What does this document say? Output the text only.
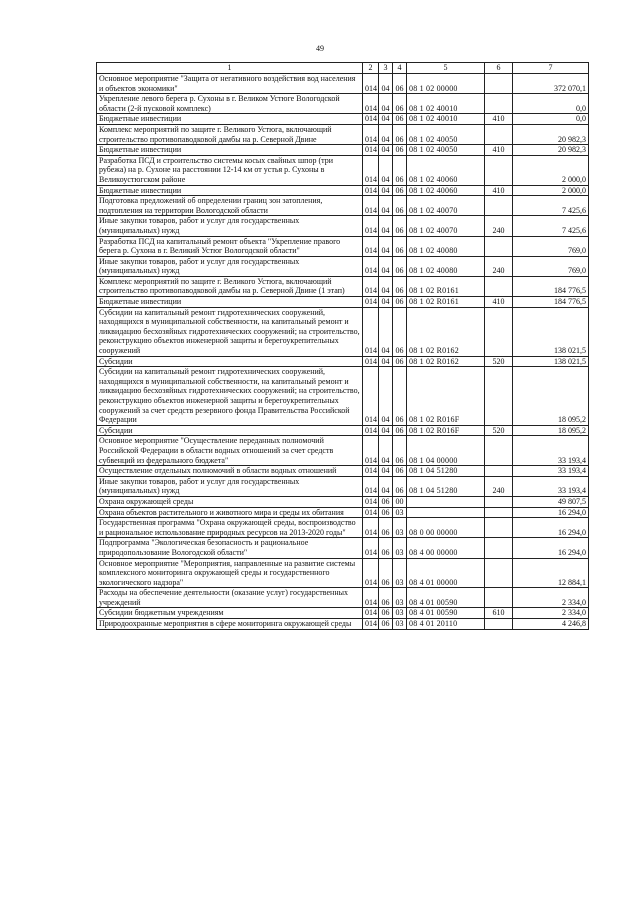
49
1	2	3	4	5	6	7
Основное мероприятие "Защита от негативного воздействия вод населения и объектов экономики"	014	04	06	08 1 02 00000		372 070,1
Укрепление левого берега р. Сухоны в г. Великом Устюге Вологодской области (2-й пусковой комплекс)	014	04	06	08 1 02 40010		0,0
Бюджетные инвестиции	014	04	06	08 1 02 40010	410	0,0
Комплекс мероприятий по защите г. Великого Устюга, включающий строительство противопаводковой дамбы на р. Северной Двине	014	04	06	08 1 02 40050		20 982,3
Бюджетные инвестиции	014	04	06	08 1 02 40050	410	20 982,3
Разработка ПСД и строительство системы косых свайных шпор (три рубежа) на р. Сухоне на расстоянии 12-14 км от устья р. Сухоны в Великоустюгском районе	014	04	06	08 1 02 40060		2 000,0
Бюджетные инвестиции	014	04	06	08 1 02 40060	410	2 000,0
Подготовка предложений об определении границ зон затопления, подтопления на территории Вологодской области	014	04	06	08 1 02 40070		7 425,6
Иные закупки товаров, работ и услуг для государственных (муниципальных) нужд	014	04	06	08 1 02 40070	240	7 425,6
Разработка ПСД на капитальный ремонт объекта "Укрепление правого берега р. Сухона в г. Великий Устюг Вологодской области"	014	04	06	08 1 02 40080		769,0
Иные закупки товаров, работ и услуг для государственных (муниципальных) нужд	014	04	06	08 1 02 40080	240	769,0
Комплекс мероприятий по защите г. Великого Устюга, включающий строительство противопаводковой дамбы на р. Северной Двине (1 этап)	014	04	06	08 1 02 R0161		184 776,5
Бюджетные инвестиции	014	04	06	08 1 02 R0161	410	184 776,5
Субсидии на капитальный ремонт гидротехнических сооружений, находящихся в муниципальной собственности, на капитальный ремонт и ликвидацию бесхозяйных гидротехнических сооружений; на строительство, реконструкцию объектов инженерной защиты и берегоукрепительных сооружений	014	04	06	08 1 02 R0162		138 021,5
Субсидии	014	04	06	08 1 02 R0162	520	138 021,5
Субсидии на капитальный ремонт гидротехнических сооружений, находящихся в муниципальной собственности, на капитальный ремонт и ликвидацию бесхозяйных гидротехнических сооружений; на строительство, реконструкцию объектов инженерной защиты и берегоукрепительных сооружений за счет средств резервного фонда Правительства Российской Федерации	014	04	06	08 1 02 R016F		18 095,2
Субсидии	014	04	06	08 1 02 R016F	520	18 095,2
Основное мероприятие "Осуществление переданных полномочий Российской Федерации в области водных отношений за счет средств субвенций из федерального бюджета"	014	04	06	08 1 04 00000		33 193,4
Осуществление отдельных полномочий в области водных отношений	014	04	06	08 1 04 51280		33 193,4
Иные закупки товаров, работ и услуг для государственных (муниципальных) нужд	014	04	06	08 1 04 51280	240	33 193,4
Охрана окружающей среды	014	06	00			49 807,5
Охрана объектов растительного и животного мира и среды их обитания	014	06	03			16 294,0
Государственная программа "Охрана окружающей среды, воспроизводство и рациональное использование природных ресурсов на 2013-2020 годы"	014	06	03	08 0 00 00000		16 294,0
Подпрограмма "Экологическая безопасность и рациональное природопользование Вологодской области"	014	06	03	08 4 00 00000		16 294,0
Основное мероприятие "Мероприятия, направленные на развитие системы комплексного мониторинга окружающей среды и государственного экологического надзора"	014	06	03	08 4 01 00000		12 884,1
Расходы на обеспечение деятельности (оказание услуг) государственных учреждений	014	06	03	08 4 01 00590		2 334,0
Субсидии бюджетным учреждениям	014	06	03	08 4 01 00590	610	2 334,0
Природоохранные мероприятия в сфере мониторинга окружающей среды	014	06	03	08 4 01 20110		4 246,8
